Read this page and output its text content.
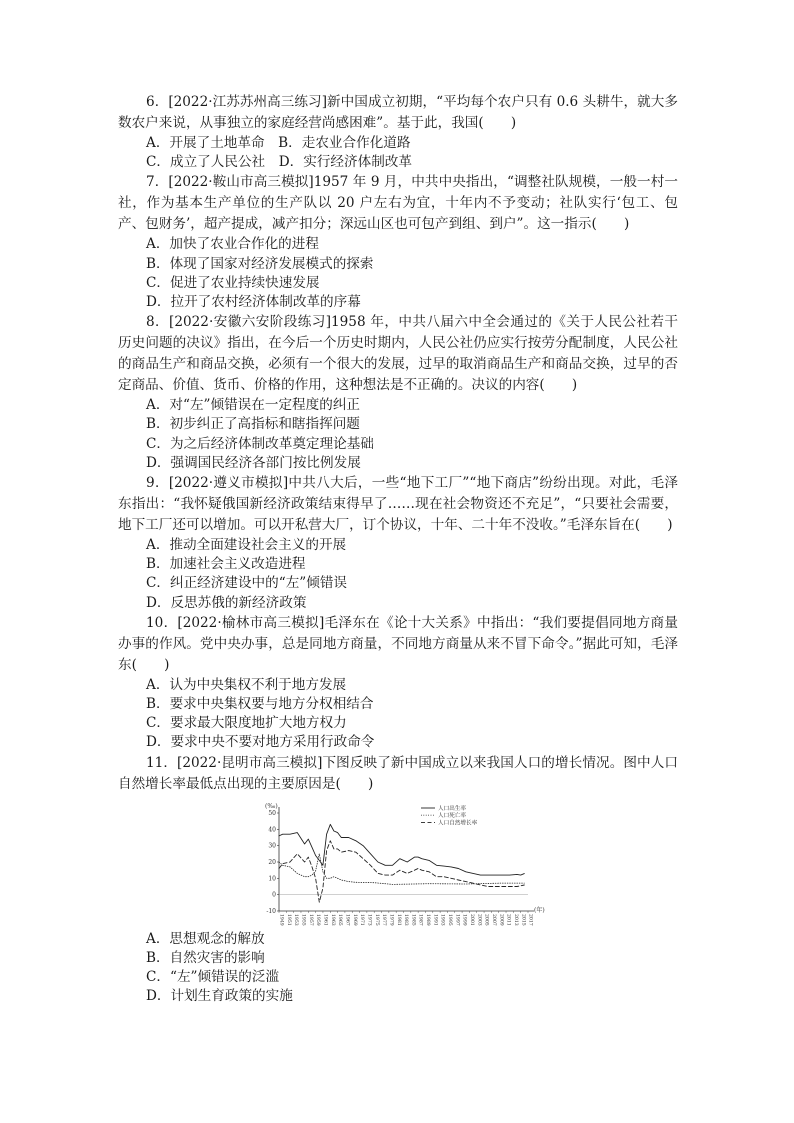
6．[2022·江苏苏州高三练习]新中国成立初期，“平均每个农户只有 0.6 头耕牛，就大多数农户来说，从事独立的家庭经营尚感困难”。基于此，我国(　　)

A．开展了土地革命　B．走农业合作化道路

C．成立了人民公社　D．实行经济体制改革

7．[2022·鞍山市高三模拟]1957 年 9 月，中共中央指出，“调整社队规模，一般一村一社，作为基本生产单位的生产队以 20 户左右为宜，十年内不予变动；社队实行‘包工、包产、包财务’，超产提成，减产扣分；深远山区也可包产到组、到户”。这一指示(　　)

A．加快了农业合作化的进程

B．体现了国家对经济发展模式的探索

C．促进了农业持续快速发展

D．拉开了农村经济体制改革的序幕

8．[2022·安徽六安阶段练习]1958 年，中共八届六中全会通过的《关于人民公社若干历史问题的决议》指出，在今后一个历史时期内，人民公社仍应实行按劳分配制度，人民公社的商品生产和商品交换，必须有一个很大的发展，过早的取消商品生产和商品交换，过早的否定商品、价值、货币、价格的作用，这种想法是不正确的。决议的内容(　　)

A．对“左”倾错误在一定程度的纠正

B．初步纠正了高指标和瞎指挥问题

C．为之后经济体制改革奠定理论基础

D．强调国民经济各部门按比例发展

9．[2022·遵义市模拟]中共八大后，一些“地下工厂”“地下商店”纷纷出现。对此，毛泽东指出：“我怀疑俄国新经济政策结束得早了……现在社会物资还不充足”，“只要社会需要，地下工厂还可以增加。可以开私营大厂，订个协议，十年、二十年不没收。”毛泽东旨在(　　)

A．推动全面建设社会主义的开展

B．加速社会主义改造进程

C．纠正经济建设中的“左”倾错误

D．反思苏俄的新经济政策

10．[2022·榆林市高三模拟]毛泽东在《论十大关系》中指出：“我们要提倡同地方商量办事的作风。党中央办事，总是同地方商量，不同地方商量从来不冒下命令。”据此可知，毛泽东(　　)

A．认为中央集权不利于地方发展

B．要求中央集权要与地方分权相结合

C．要求最大限度地扩大地方权力

D．要求中央不要对地方采用行政命令

11．[2022·昆明市高三模拟]下图反映了新中国成立以来我国人口的增长情况。图中人口自然增长率最低点出现的主要原因是(　　)

(‰)
50
40
30
20
10
0
-10
1949 1951 1953 1955 1957 1959 1961 1963 1965 1967 1969 1971 1973 1975 1977 1979 1981 1983 1985 1987 1989 1991 1993 1995 1997 1999 2001 2003 2005 2007 2009 2011 2013 2015 2017
(年)
人口出生率
人口死亡率
人口自然增长率

A．思想观念的解放

B．自然灾害的影响

C．“左”倾错误的泛滥

D．计划生育政策的实施
